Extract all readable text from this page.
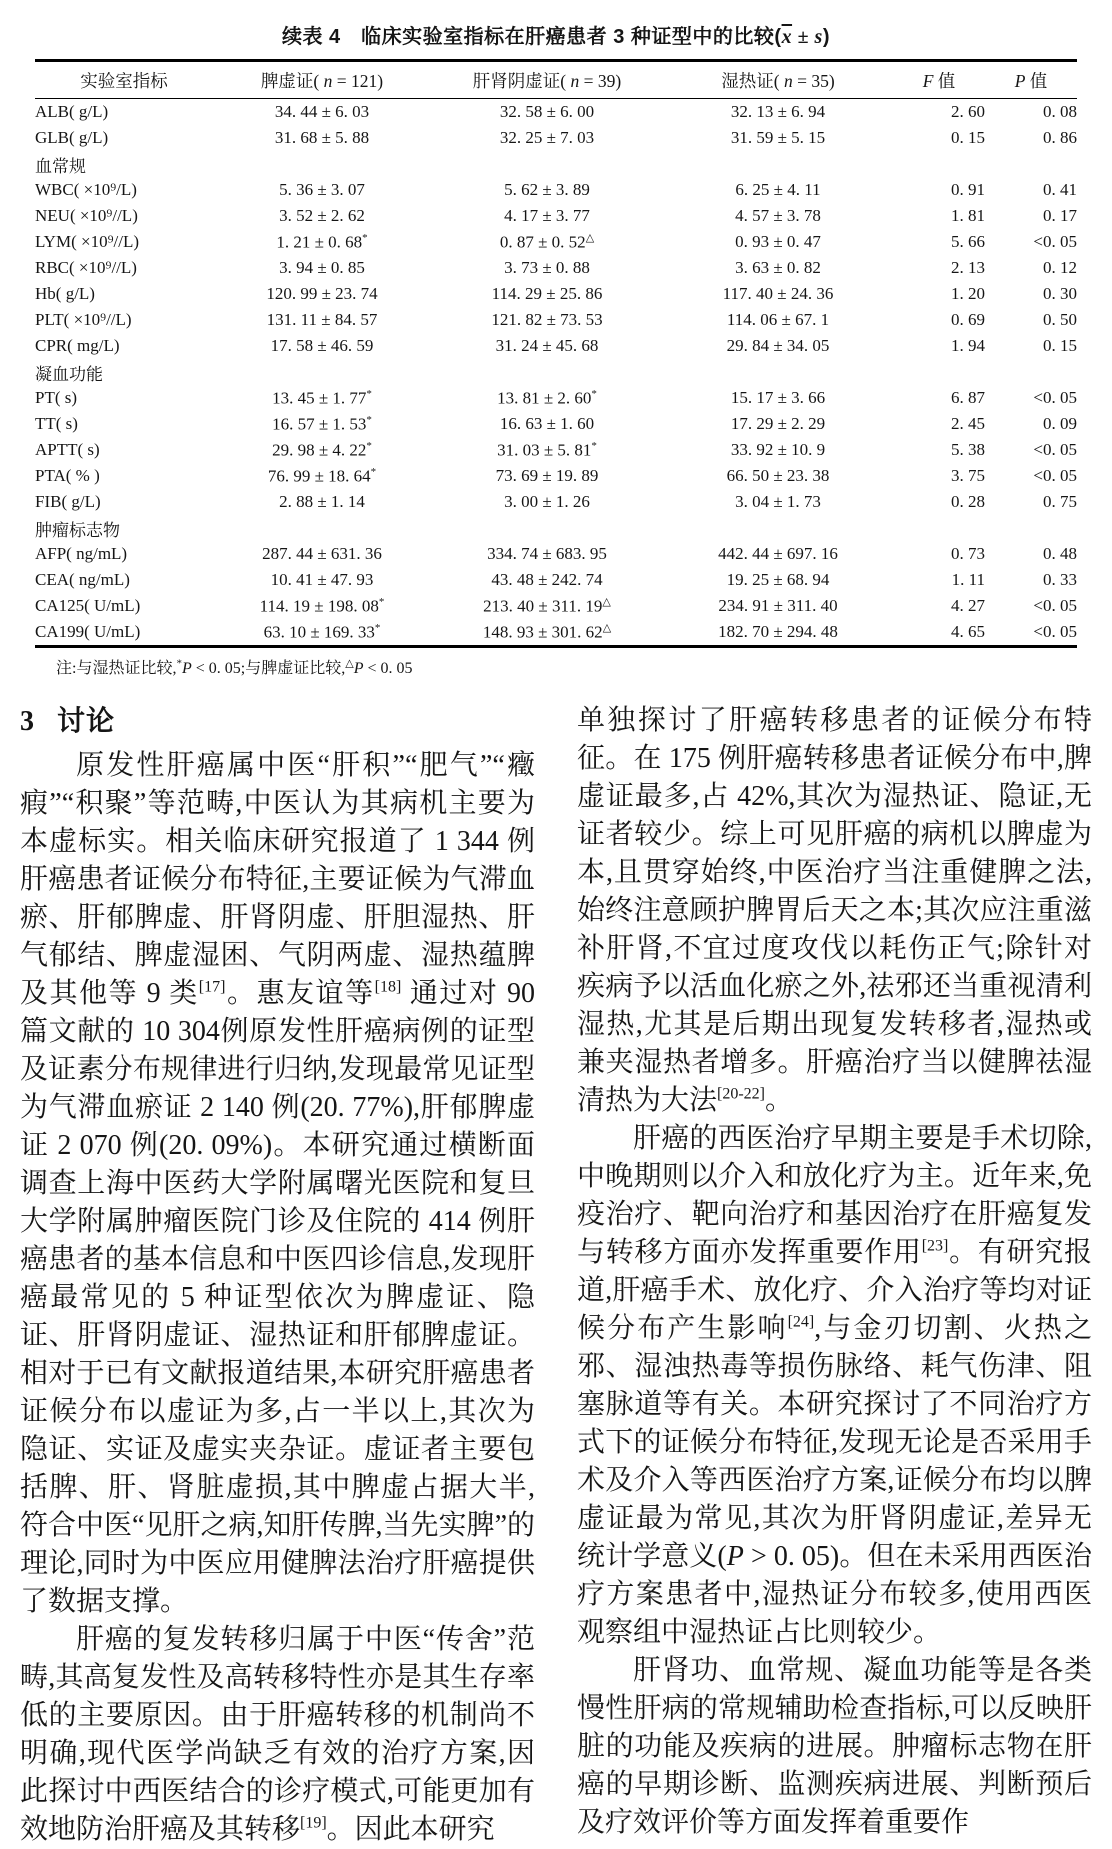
续表 4　临床实验室指标在肝癌患者 3 种证型中的比较$(\overline{x} \pm s)$
实验室指标	脾虚证( n = 121)	肝肾阴虚证( n = 39)	湿热证( n = 35)	F 值	P 值
ALB( g/L)	34. 44 ± 6. 03	32. 58 ± 6. 00	32. 13 ± 6. 94	2. 60	0. 08
GLB( g/L)	31. 68 ± 5. 88	32. 25 ± 7. 03	31. 59 ± 5. 15	0. 15	0. 86
血常规					
WBC( ×10⁹/L)	5. 36 ± 3. 07	5. 62 ± 3. 89	6. 25 ± 4. 11	0. 91	0. 41
NEU( ×10⁹//L)	3. 52 ± 2. 62	4. 17 ± 3. 77	4. 57 ± 3. 78	1. 81	0. 17
LYM( ×10⁹//L)	1. 21 ± 0. 68*	0. 87 ± 0. 52△	0. 93 ± 0. 47	5. 66	<0. 05
RBC( ×10⁹//L)	3. 94 ± 0. 85	3. 73 ± 0. 88	3. 63 ± 0. 82	2. 13	0. 12
Hb( g/L)	120. 99 ± 23. 74	114. 29 ± 25. 86	117. 40 ± 24. 36	1. 20	0. 30
PLT( ×10⁹//L)	131. 11 ± 84. 57	121. 82 ± 73. 53	114. 06 ± 67. 1	0. 69	0. 50
CPR( mg/L)	17. 58 ± 46. 59	31. 24 ± 45. 68	29. 84 ± 34. 05	1. 94	0. 15
凝血功能					
PT( s)	13. 45 ± 1. 77*	13. 81 ± 2. 60*	15. 17 ± 3. 66	6. 87	<0. 05
TT( s)	16. 57 ± 1. 53*	16. 63 ± 1. 60	17. 29 ± 2. 29	2. 45	0. 09
APTT( s)	29. 98 ± 4. 22*	31. 03 ± 5. 81*	33. 92 ± 10. 9	5. 38	<0. 05
PTA( % )	76. 99 ± 18. 64*	73. 69 ± 19. 89	66. 50 ± 23. 38	3. 75	<0. 05
FIB( g/L)	2. 88 ± 1. 14	3. 00 ± 1. 26	3. 04 ± 1. 73	0. 28	0. 75
肿瘤标志物					
AFP( ng/mL)	287. 44 ± 631. 36	334. 74 ± 683. 95	442. 44 ± 697. 16	0. 73	0. 48
CEA( ng/mL)	10. 41 ± 47. 93	43. 48 ± 242. 74	19. 25 ± 68. 94	1. 11	0. 33
CA125( U/mL)	114. 19 ± 198. 08*	213. 40 ± 311. 19△	234. 91 ± 311. 40	4. 27	<0. 05
CA199( U/mL)	63. 10 ± 169. 33*	148. 93 ± 301. 62△	182. 70 ± 294. 48	4. 65	<0. 05

注:与湿热证比较,*P < 0. 05;与脾虚证比较,△P < 0. 05

3 讨论

原发性肝癌属中医“肝积”“肥气”“癥瘕”“积聚”等范畴,中医认为其病机主要为本虚标实。相关临床研究报道了 1 344 例肝癌患者证候分布特征,主要证候为气滞血瘀、肝郁脾虚、肝肾阴虚、肝胆湿热、肝气郁结、脾虚湿困、气阴两虚、湿热蕴脾及其他等 9 类[17]。惠友谊等[18] 通过对 90 篇文献的 10 304例原发性肝癌病例的证型及证素分布规律进行归纳,发现最常见证型为气滞血瘀证 2 140 例(20. 77%),肝郁脾虚证 2 070 例(20. 09%)。本研究通过横断面调查上海中医药大学附属曙光医院和复旦大学附属肿瘤医院门诊及住院的 414 例肝癌患者的基本信息和中医四诊信息,发现肝癌最常见的 5 种证型依次为脾虚证、隐证、肝肾阴虚证、湿热证和肝郁脾虚证。相对于已有文献报道结果,本研究肝癌患者证候分布以虚证为多,占一半以上,其次为隐证、实证及虚实夹杂证。虚证者主要包括脾、肝、肾脏虚损,其中脾虚占据大半,符合中医“见肝之病,知肝传脾,当先实脾”的理论,同时为中医应用健脾法治疗肝癌提供了数据支撑。

肝癌的复发转移归属于中医“传舍”范畴,其高复发性及高转移特性亦是其生存率低的主要原因。由于肝癌转移的机制尚不明确,现代医学尚缺乏有效的治疗方案,因此探讨中西医结合的诊疗模式,可能更加有效地防治肝癌及其转移[19]。因此本研究

单独探讨了肝癌转移患者的证候分布特征。在 175 例肝癌转移患者证候分布中,脾虚证最多,占 42%,其次为湿热证、隐证,无证者较少。综上可见肝癌的病机以脾虚为本,且贯穿始终,中医治疗当注重健脾之法,始终注意顾护脾胃后天之本;其次应注重滋补肝肾,不宜过度攻伐以耗伤正气;除针对疾病予以活血化瘀之外,祛邪还当重视清利湿热,尤其是后期出现复发转移者,湿热或兼夹湿热者增多。肝癌治疗当以健脾祛湿清热为大法[20-22]。

肝癌的西医治疗早期主要是手术切除,中晚期则以介入和放化疗为主。近年来,免疫治疗、靶向治疗和基因治疗在肝癌复发与转移方面亦发挥重要作用[23]。有研究报道,肝癌手术、放化疗、介入治疗等均对证候分布产生影响[24],与金刃切割、火热之邪、湿浊热毒等损伤脉络、耗气伤津、阻塞脉道等有关。本研究探讨了不同治疗方式下的证候分布特征,发现无论是否采用手术及介入等西医治疗方案,证候分布均以脾虚证最为常见,其次为肝肾阴虚证,差异无统计学意义(P > 0. 05)。但在未采用西医治疗方案患者中,湿热证分布较多,使用西医观察组中湿热证占比则较少。

肝肾功、血常规、凝血功能等是各类慢性肝病的常规辅助检查指标,可以反映肝脏的功能及疾病的进展。肿瘤标志物在肝癌的早期诊断、监测疾病进展、判断预后及疗效评价等方面发挥着重要作
